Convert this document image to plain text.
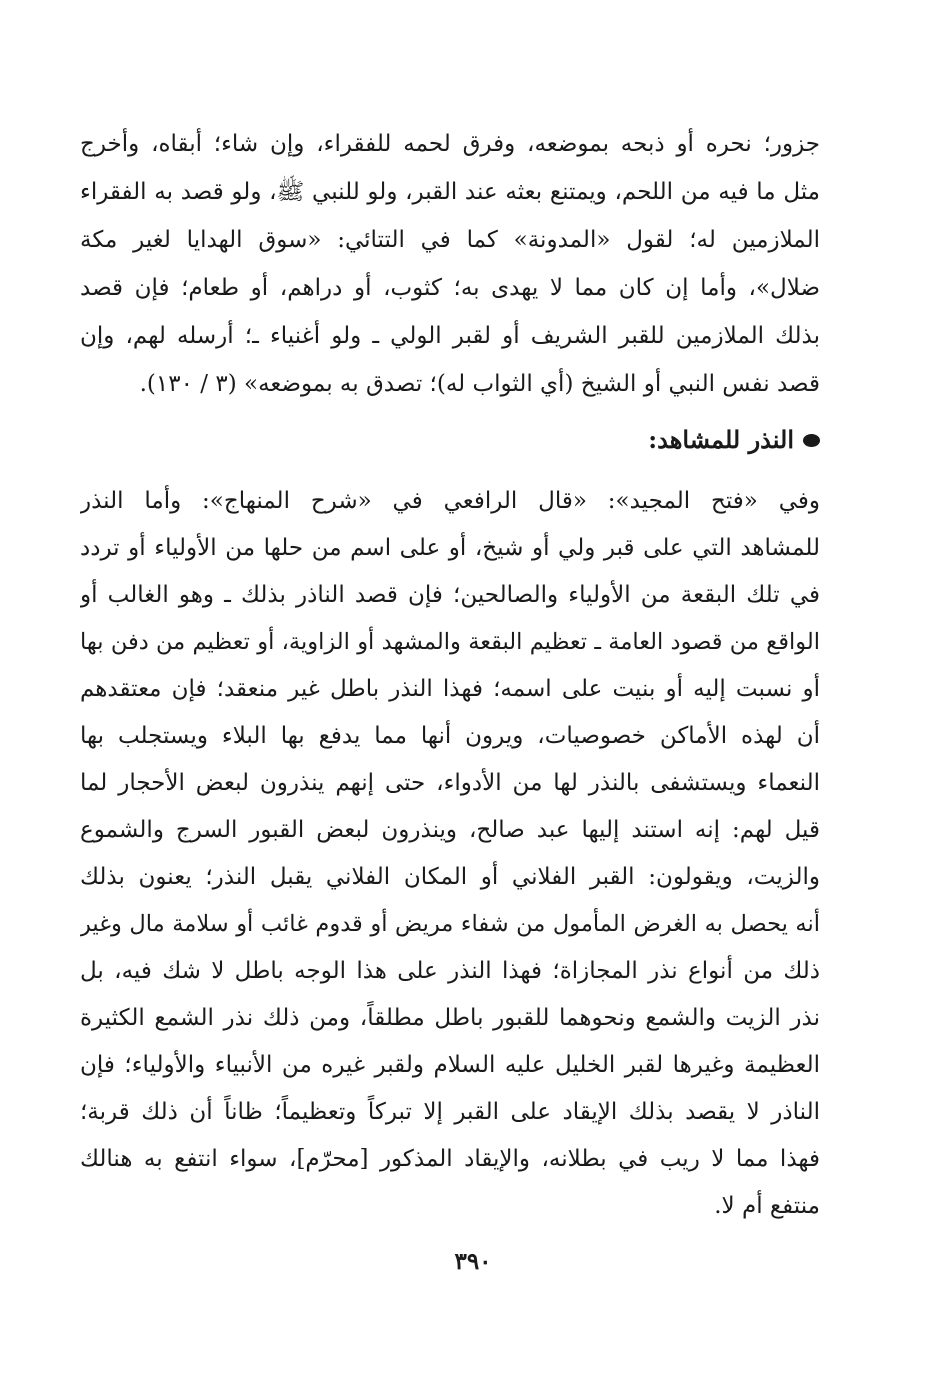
جزور؛ نحره أو ذبحه بموضعه، وفرق لحمه للفقراء، وإن شاء؛ أبقاه، وأخرج
مثل ما فيه من اللحم، ويمتنع بعثه عند القبر، ولو للنبي ﷺ، ولو قصد به الفقراء
الملازمين له؛ لقول «المدونة» كما في التتائي: «سوق الهدايا لغير مكة
ضلال»، وأما إن كان مما لا يهدى به؛ كثوب، أو دراهم، أو طعام؛ فإن قصد
بذلك الملازمين للقبر الشريف أو لقبر الولي ـ ولو أغنياء ـ؛ أرسله لهم، وإن
قصد نفس النبي أو الشيخ (أي الثواب له)؛ تصدق به بموضعه» (٣ / ١٣٠).
النذر للمشاهد:
وفي «فتح المجيد»: «قال الرافعي في «شرح المنهاج»: وأما النذر
للمشاهد التي على قبر ولي أو شيخ، أو على اسم من حلها من الأولياء أو تردد
في تلك البقعة من الأولياء والصالحين؛ فإن قصد الناذر بذلك ـ وهو الغالب أو
الواقع من قصود العامة ـ تعظيم البقعة والمشهد أو الزاوية، أو تعظيم من دفن بها
أو نسبت إليه أو بنيت على اسمه؛ فهذا النذر باطل غير منعقد؛ فإن معتقدهم
أن لهذه الأماكن خصوصيات، ويرون أنها مما يدفع بها البلاء ويستجلب بها
النعماء ويستشفى بالنذر لها من الأدواء، حتى إنهم ينذرون لبعض الأحجار لما
قيل لهم: إنه استند إليها عبد صالح، وينذرون لبعض القبور السرج والشموع
والزيت، ويقولون: القبر الفلاني أو المكان الفلاني يقبل النذر؛ يعنون بذلك
أنه يحصل به الغرض المأمول من شفاء مريض أو قدوم غائب أو سلامة مال وغير
ذلك من أنواع نذر المجازاة؛ فهذا النذر على هذا الوجه باطل لا شك فيه، بل
نذر الزيت والشمع ونحوهما للقبور باطل مطلقاً، ومن ذلك نذر الشمع الكثيرة
العظيمة وغيرها لقبر الخليل عليه السلام ولقبر غيره من الأنبياء والأولياء؛ فإن
الناذر لا يقصد بذلك الإيقاد على القبر إلا تبركاً وتعظيماً؛ ظاناً أن ذلك قربة؛
فهذا مما لا ريب في بطلانه، والإيقاد المذكور [محرّم]، سواء انتفع به هنالك
منتفع أم لا.
٣٩٠
